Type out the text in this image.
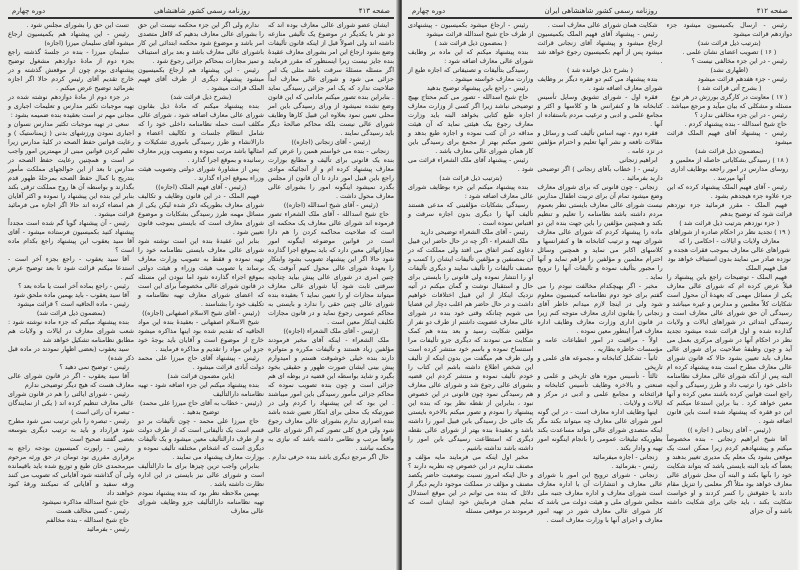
صفحه ۴۱۳
روزنامه رسمی کشور شاهنشاهی
دوره چهارم

ایشان عضو شورای عالی معارف بوده اند که دو نفر با یکدیگر در موضوع یک تألیفی منازعه داشته اند ولی اصولاً قبل از اینکه قانون تألیفات وضع بشود ارجاع این امر بشورای معارف عقیدهٔ بنده جایز نیست زیرا اینمنظور که مقرر فرمایند اگر مسئله مسئلهٔ سرقت باشد مثلی یک امر جزائی می شود و شورای عالی معارف ابداً صلاحیت ندارد که یک امر جزائی رسیدگی نماید . بنابراین بنده تصور میکنم مادامی که این قانون وضع نشده نمیشود از ورای رسیدگی باین امر محلی تعیین نمود بعلاوه این قبیل کارها وظایف شورای عالی نیست بلکه محاکم صالحهٔ دیگر باید رسیدگی نمایند .

(رئیس - آقای زنجانی (اجازه))

زنجانی - بنده می خواستم همین را عرض کنم بنده یک قانونی برای تألیف و مطابع بوزارت معارف پیشنهاد کرده ام و از آنجائیکه موادی راجع باین قبیل امور دارد تا آن قانون از مجلس بگذرد نمیشود اینگونه امور را بشورای عالی معارف محول داشت .

(رئیس - آقای شیخ اسدالله (اجازه))

حاج شیخ اسدالله - آقای ملک الشعراء تصور فرموده اند شورای عالی معارف یک محکمه ای است که صلاحیت محاکمه کردن را هم دارا است در قوانین موضوعه اینگونه امور مجازاتهائی معین دارد که باید بموقع اجرا گذارده شود حالا اگر این پیشنهاد تصویب بشود وابتکار را بعهدهٔ شورای عالی محول کنیم آنوقت یک چنین امری در شورای عالی پیش بیاید چنانچه سرقتی ثابت شود آیا شورای عالی معارف میتواند مجازات او را تعیین نماید ؟ بعقیده بنده شورای عالی چنین حقی را ندارد و بایستی به محاکم عمومی رجوع نماید و در قانون مجازات تکلیف اینکار معین است .

(رئیس - آقای ملک الشعراء (اجازه))

ملک الشعراء - اینکه آقای مخبر فرمودند مؤلفین زیاد هستند و تألیفات مکرره و متواتره دارند بنده خیلی خوشوقت هستم و امیدوارم پیش بینی ایشان صورت ظهور و حقیقی بخود بگیرد و شاید بواسطه این قضیه در بوطه ای هم جزائی است و چون بنده تصویب نموده که محاکم جزائی مأمور رسیدگی باین امور میباشند . این بود که این پیشنهاد را کردم ولی در صورتیکه یک محلی برای ابتکار تعیین شده باشد بنده اصراری ندارم بشورای عالی معارف رجوع شود ولی فرق کلی تصور کنم اگر شورای عالی واقعاً مرتب و نظامی داشته باشد که نیازی به محکمه نباشد .

حال اگر مرجع دیگری باشد بنده حرفی ندارم .

ندارم ولی اگر این جزء محکمه نیست این حق را بشورای عالی معارف بدهیم که لااقل متصدی امر باشد و موضوع شود محکمه ابتدائی این کار باشورای عالی معارف باشد و بعد برای استیناف و تمیز مجازات بمحاکم جزائی رجوع شود .

رئیس - این پیشنهاد هم ارجاع بکمیسیون میشود پیشنهاد دیگری از طرف آقای فهیم الملک قرائت میشود .

(بشرح ذیل قرائت شد)

بنده پیشنهاد میکنم که مادهٔ ذیل بقانون شورای عالی معارف اضافه شود ، شورای عالی مکلف است حمله نظامنامه داخلی خود را که شامل انتظام جلسات و تکالیف اعضاء و دارالانشاء و طرز رسیدگی باموری تشکیلات و امثالها باشد مرتب نموده و بتصویب وزیر معارف رسانیده و بموقع اجرا گذارد .

پس از مشاورهٔ شورای دولتی وتصویب هیئت وزراء بموقع اجراء گذارند .

(رئیس - آقای فهیم الملک (اجازه))

فهیم الملک - در این قانون وظایف و تکالیف شورای معارف بطوریکه ذکر شده لیکن یکی از مسائل مهمه طرز رسیدگی بشکایات و موضوع شورای معارف است که بایستی بموجب قانون تعیین شود .

بنابر این عقیدهٔ بنده این است نوشته شود شورای عالی معارف بایستی نظامنامه خود را تهیه نموده و فقط به تصویب وزارت معارف برساند یا تصویب هیئت وزراء و هیئت دولتی بموقع اجراء گذارده شود اما نبودن این مسئله در قانون شورای عالی مخصوصاً برای این است که اعضای شورای معارف تهیه نظامنامه و تکلیف خود را بشناسند .

(رئیس - آقای شیخ الاسلام اصفهانی (اجازه))

شیخ الاسلام اصفهانی - بعقیدهٔ بنده این مواد الحاقیه که تقدیم شده بود اینها مذاکره میشود خارج از موضوع است و آقایان باید بوجهٔ خود جزو این مواد را تقدیم و مذاکره فرمایند .

رئیس - پیشنهاد آقای حاج میرزا علی محمد دولت آبادی قرائت میشود .

(باین مضمون قرائت شد)

بنده پیشنهاد میکنم این جزء اضافه شود - تهیه نظامنامه دارالتألیف

(رئیس - خطاب به آقای حاج میرزا علی محمد) توضیح بدهید .

حاج میرزا علی محمد - چون تألیفات بر دو قسم است یک تألیفاتی است که از طرف دولت و از طرف دارالتألیف معین میشود و یک تألیفات دیگری است که اشخاص مختلفه تألیف نموده و بوزارت معارف پیشنهاد می نمایند .

بنابراین واجب ترین چیزها برای ما دارالتألیف است و شورای عالی نیز بایستی در این اداره نظارت داشته باشد .

بهمین ملاحظه نظر بود که بنده پیشنهاد نمودم تهیه نظامنامه دارالتألیف جزو وظایف شورای عالی معارف

تست این حق را بشورای مجلس شود .

رئیس - این پیشنهاد هم بکمیسیون ارجاع میشود آقای سلیمان میرزا (اجازه)

سلیمان میرزا - بنده در جلسهٔ گذشته راجع بجزء دوم از مادهٔ دوازدهم مشغول توضیح پیشنهادی بودم چون از موقعش گذشته و در خارج تقدیم آقای رئیس کردم حالا اگر اجازه بفرمائید توضیح عرض میکنم .

در جزء دوم از مادهٔ دوازدهم نوشته شده در تهیه موجبات تکثیر مدارس و تعلیمات اجباری و مجانی مهم تر است بعقیده بنده ضمیمه بشود :

سعی در تهیه موجبات تکثیر مدارس نسوان و اجباری نمودن ورزشهای بدنی ( ژیمناستیک ) و رعایت قوانین حفظ الصحه در کلیهٔ مدارس زیرا تعلیم کردن قوانین مبنی از مهمترین امور واجب تر است و همچنین رعایت حفظ الصحه در مدارس تا بعد از این حوالجهای مملکت مأمور بتدریج با کمال حفظ الصحه بمرحلهٔ ظهور قدم بگذارند و بواسطه آن ها روح مملکت ترقی بکند بنابر این بنده این پیشنهاد را نموده و اکثر آقایان هم امضاء کرده اند حالا اگر اجازه می فرمائید قرائت میشود .

رئیس - آن پیشنهاد گویا گم شده است مجدداً پیشنهاد کنید بکمیسیون فرستاده میشود - آقای آقا سید یعقوب این پیشنهاد راجع بکدام ماده است ؟

آقا سید یعقوب - راجع بجزء آخر است - استدعا میکنم قرائت شود تا بعد توضیح عرض کنم .

رئیس - راجع بماده آخر است یا ماده بعد ؟

آقا سید یعقوب - باید بهمین ماده ملحق شود

رئیس - ماده الحاقیه است ؟ قرائت میشود

(بمضمون ذیل قرائت شد)

بنده پیشنهاد میکنم که جزء ماده نوشته شود : شعب شورای معارف در ایالات و ولایات هم مطابق نظامنامه تشکیل خواهد شد

سید یعقوب (بعضی اظهار نمودند در ماده قبل ذکر شده)

رئیس - توضیح نمی دهید ؟

آقا سید یعقوب - اگر در قانون شورای عالی معارف هست که هیچ دیگر توضیحی ندارم

رئیس - شورای ایالتی را هم در قانون شورای عالی معارف تنظیم کرده اند ( یکی از نمایندگان - تبصره آن رائی است )

رئیس - تبصره را باین ترتیب نمی شود مطرح شود قرارداد و باید به ترتیب دیگری بتوسعه بعضی گفتند صحیح است

رئیس - راپورت کمیسیون بودجه راجع به برقراری مقرری نود تومان در حق ورثه مرحوم میرمحمدی خان طبع و توزیع شده باید باقیمانده ولی آن گذاشته شود آقایانی که تصویب می کنند ورقه سفید و آقایانی که نمیکنند ورقهٔ کبود خواهند داد

حاج شیخ اسدالله مذاکره نمیشود

رئیس - کسی مخالف هست

حاج شیخ اسدالله - بنده مخالفم

رئیس - بفرمائید

صفحه ۴۱۲
روزنامه رسمی کشور شاهنشاهی ایران
دوره چهارم

رئیس - ارسال بکمیسیون میشود جزء دوازدهم قرائت میشود

(بترتیب ذیل قرائت شد)

( ۱۶ ) تصویب اعضای نشان علمی .

رئیس - در این جزء مخالفی نیست ؟

(اظهاری نشد)

رئیس - جزء هفدهم قرائت میشود

( بشرح آتی قرائت شد )

( ۱۷ ) معاونت در کارگری بورزش در هر نوع مسئله و مشکلی که بیان میآید و مرجع میباشد .

رئیس - در این جزء مخالفی ندارد ؟

حاج شیخ اسدالله - بنده پیشنهاد کردم .

رئیس - پیشنهاد آقای فهیم الملک قرائت میشود

(بمضمون ذیل قرائت شد)

( ۱۸ ) رسیدگی بشکایاتی حاصله از معلمین و روسای مدارس در امور راجعه بوظایف اداری آنها میرسد .

رئیس - آقای فهیم الملک پیشنهاد کرده که این جزء علاوه جزء هیجدهم بشود .

فهیم الملک - مقرر فرمائید جزء نوزدهم قرائت شود که توضیح بدهم

( جزء نوزدهم بترتیب ذیل قرائت شد )

( ۱۹ ) تجدید نظر در احکام صادره از شوراهای معارف ولایات و ایالات - احکامی را که شوراهای عالی معارف بموجب فقرات هجده و نوزده صادر می نمایند بدون استیناف خواهد بود

قبل فهیم الملک

فهیم الملک - توضیحات راجع باین پیشنهاد را قبلاً عرض کرده ام که شورای عالی معارف یکی از مسائل مهمی که بعهدهٔ آن محول است شکایات کلاً معلمین و مدارس و غیره میباشد و رسیدگی آن حق شورای عالی معارف است و رسیدگی ابتدائی در شوراهای ایالات و ولایات گذارده شده و اول قرائت شده میشود تجدید نظر در احکام آنها در شورای مرکزی بعمل می آید و چون وظیفهٔ صلاحیت برای شورای عالی معارف باید تعیین بشود حالا که قانون شورای عالی معارف مطرح است بنده پیشنهاد کرده ام البته پس از آنکه شورای عالی معارف نظامنامه داخلی خود را ترتیب داد و طرز رسیدگی و آنچه راجع است قوانین کرده باشند معین کرده و آنها معین خواهد کرد . بنا براین استدعا میکنم که این دو فقره که پیشنهاد شده است باین قانون اضافه شود .

(رئیس - آقای زنجانی ( اجازه ))

آقا شیخ ابراهیم زنجانی - بنده مخصوصاً میکنم و پیشنهادهم کردم زیرا ممکن است یک موقعی بشود یک معلم یک مدیری تغییر بدهند و بعضاً که باید البته بایستی باشد که بتواند شکایت خود را بآنها بکند و البته آن محل شورای عالی معارف خواهد بود مثلاً اگر معلمی را تنزیل مقام دادند یا حقوقش را کسر کردند و او خواست شکایت بکند ، باید جائی برای شکایت داشته باشد و آن جزای

شکایت همان شورای عالی معارف است .

رئیس - پیشنهاد آقای فهیم الملک بکمیسیون ارجاع میشود و پیشنهاد آقای زنجانی قرائت میشود پس از آنهم بکمیسیون رجوع خواهد شد .

( بشرح ذیل خوانده شد )

بنده پیشنهاد می کنم دو فقره دیگر بر وظایف شورای معارف اضافه شود .

فقره اول - شورای تشویق وسایل تأسیس کتابخانه ها و کنفرانس ها و کلاسها و اکثر و مجامع علمی و ادبی و ترغیب مردم باستفاده از آنها .

فقره دوم - تهیه اساس تألیف کتب و رسائل و مقالات نافعه و نشر آنها تعلیم و احترام مؤلفین در نزد عامه .

ابراهیم زنجانی

رئیس - ( خطاب بآقای زنجانی ) اگر توضیحی دارید بفرمائید .

زنجانی - چون قانونی که برای شورای معارف وضع میشود تمام آن برای تربیت اطفال مدارس نیست شورای عالی معارف بایستی نظر بعموم مردم داشته باشد نظامنامه را تعلیم و تنظیم بکند و همچنین مؤلفین را باین جهت بنده این دو ماده را پیشنهاد کردم که شورای عالی معارف شورای تهیه و ترتیب کتابخانه ها و کنفرانسها و کلاسهای اکابر می نماید و همچنین وسائل احترام معلمین و مؤلفین را فراهم نماید و آنها را مجبور بتألیف نموده و تألیفات آنها را ترویج نماید .

مخبر - اگر بهیچکدام مخالفت نبودم را می گفتم برای خود دوم نظامنامه کمیسیون معلوم شود ولی در اینجا لازم میدانم خاطر آقای زنجانی را بقانون اداری معارف متوجه کنم زیرا در قانون اداری وزارت معارف وظایف اداره معارف قبراً اینطور معین نموده .

اولاً - مراقبت در امور انطباعات عامه و مؤسسات خاطره بطاریه .

ثانیاً - تشکیل کتابخانه و مجموعه های علمی و تاریخی

ثالثاً - تأسیس موزه های تاریخی و علمی و صنعتی و بالاخره وظایف تأسیس کتابخانه و قرائتخانه و مجامع علمی و ادبی در مرکز و ایالات و ولایات .

اینها وظایف اداره معارف است - در این گونه امور شورای عالی معارف چه میتواند بکند مگر اینکه متصدی شورای عالی بتواند مساعدت بکند بطوریکه تبلیغات عمومی را بانجام اینگونه امور تهیه و وادار بکند .

زنجانی - اجازه میفرمائید

رئیس - بفرمائید .

زنجانی - شورای ترویج این امور با شورای عالی معارف و انتشارات آن با اداره معارف است شورای معارف و اداره معارف جنبه ملی مجلس شورای ملی و هیئت دولت می باشد که کار شورای عالی معارف شور در تهیه امور معارف و اجرای آنها با وزارت معارف است .

رئیس - ارجاع میشود بکمیسیون - پیشنهادی از طرف حاج شیخ اسدالله قرائت میشود

( بمضمون ذیل قرائت شد )

بنده پیشنهاد میکنم که این ماده بر وظایف شورای عالی معارف اضافه شود :

رسیدگی بتألیفات و تصنیفاتی که اجازه طبع از وزارت معارف خواسته میشود .

رئیس - راجع باین پیشنهاد توضیح بدهید

حاج شیخ اسدالله - تصور می کنم محتاج بهیچ توضیحی نباشد زیرا اگر کسی از وزارت معارف اجازه طبع کتابی بخواهد البته باید وزارت معارف رجوع بیک هیئتی نماید که آن هیئت مداقه در آن کتب نموده و اجازه طبع بدهد و تصور میکنم بهتر از مجمع برای رسیدگی باین کار همان شورای عالی معارف باشد .

رئیس - پیشنهاد آقای ملک الشعراء قرائت می شود .

(بترتیب ذیل قرائت شد)

بنده پیشنهاد میکنم این جزء بوظایف شورای عالی معارف اضافه شود :

رسیدگی بشکایات مؤلفینی که مدعی هستند تألیف آنها را دیگری بدون اجازه سرقت و اقتباس نموده است .

رئیس - آقای ملک الشعراء توضیحی دارید

ملک الشعراء - اگر چه در حال حاضر این قبیل دعاوی کمتر اتفاق می افتد ولی مملکت که در آن بمصنفین و مؤلفین تألیفات ایشان را کسب و مصنف تألیفات را تألیف نمایند و دیگری تألیفات او را انتشار نموده ولی قانونی را بایستی برای حال و استقبال نوشت و گمان میکنم در آتیه نزدیک اینکار از این قبیل اختلافات خواهیم داشت و در حال حاضر هم اغلب دچار این قضایا می شویم چنانکه وقتی خود بنده در شورای عالی معارف عضویت داشتم از طرف دو نفر از مؤلفین شکایت رسید و بعد بنده هم کمک شکایت می نمودند که دیگری جزو تألیفات مرا استنساخ نموده و باسم خود منتشر کرده است ولی طرف هم میگفت من بدون اینکه از تألیف این شخص اطلاع داشته باشم این کتاب را خودم تألیف نموده و منتشر کردم این قضیه بشورای عالی رجوع شد و شورای عالی معارف هم رسیدگی نمود چون قانونی در این خصوص نبود ، بنابراین از نقطه نظر بود که بنده این پیشنهاد را نمودم و تصور میکنم بالاخره بایستی یک جائی حل رسیدگی باین قبیل امور را داشته باشد و بعقیدهٔ بنده بهتر از شورای عالی نقطه دیگری که استطاعت رسیدگی باین امور را داشته باشد نداشته باشیم .

مخبر اول اینکه می فرمایند مایه مؤلف و مصنف نداریم در این خصوص چه نظریه دارند ؟ و حال اینکه امروز نسبت بوضعیت حاضر یکصد مصنف و مؤلف در مملکت موجود داریم دیگر از دلائل که بنده می توانم در این موقع استدلال نمایم همان فرمایش خود ایشان است که فرمودند در موقعی مسئله
